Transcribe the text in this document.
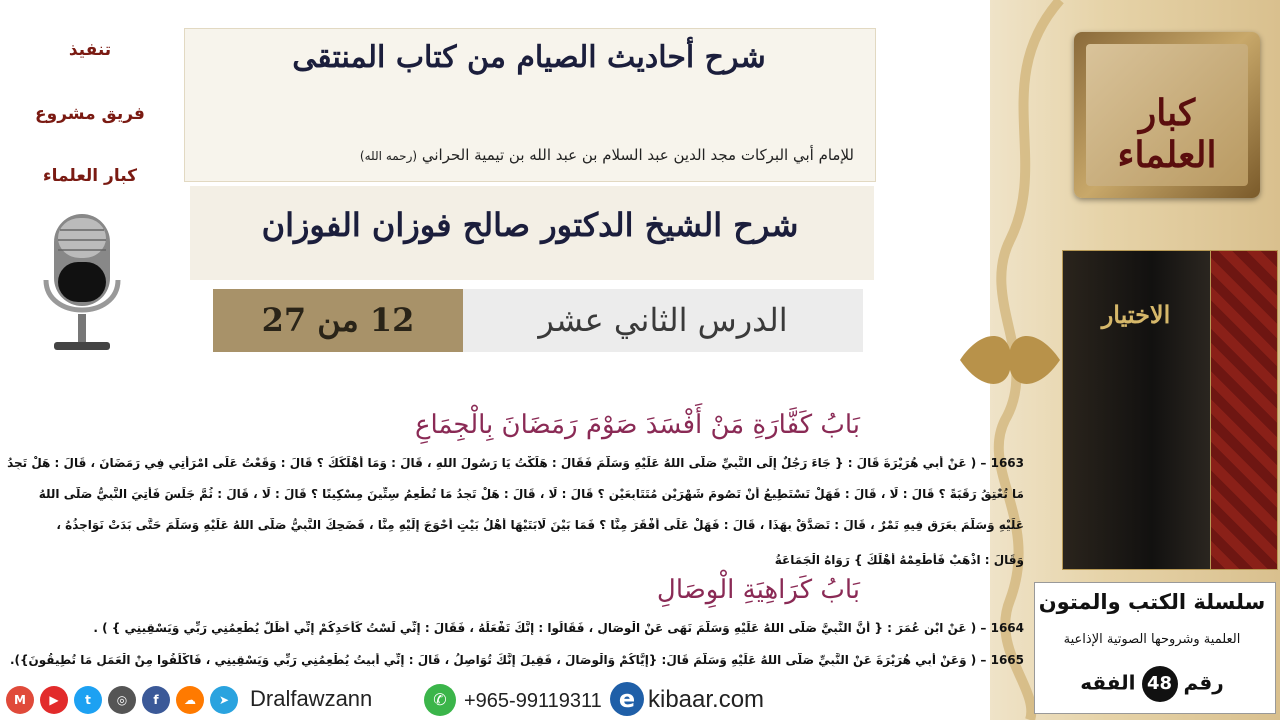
كبار العلماء
الاختيار
سلسلة الكتب والمتون
العلمية وشروحها الصوتية الإذاعية
رقم48الفقه
تنفيذ
فريق مشروع
كبار العلماء
شرح أحاديث الصيام من كتاب المنتقى
للإمام أبي البركات مجد الدين عبد السلام بن عبد الله بن تيمية الحراني (رحمه الله)
شرح الشيخ الدكتور صالح فوزان الفوزان
12 من 27	الدرس الثاني عشر
بَابُ كَفَّارَةِ مَنْ أَفْسَدَ صَوْمَ رَمَضَانَ بِالْجِمَاعِ
1663 – ( عَنْ أَبِي هُرَيْرَةَ قَالَ : { جَاءَ رَجُلٌ إِلَى النَّبِيِّ صَلَّى اللهُ عَلَيْهِ وَسَلَّمَ فَقَالَ : هَلَكْتُ يَا رَسُولَ اللهِ ، قَالَ : وَمَا أَهْلَكَكَ ؟ قَالَ : وَقَعْتُ عَلَى امْرَأَتِي فِي رَمَضَانَ ، قَالَ : هَلْ تَجِدُ
مَا تُعْتِقُ رَقَبَةً ؟ قَالَ : لَا ، قَالَ : فَهَلْ تَسْتَطِيعُ أَنْ تَصُومَ شَهْرَيْنِ مُتَتَابِعَيْنِ ؟ قَالَ : لَا ، قَالَ : هَلْ تَجِدُ مَا تُطْعِمُ سِتِّينَ مِسْكِينًا ؟ قَالَ : لَا ، قَالَ : ثُمَّ جَلَسَ فَأُتِيَ النَّبِيُّ صَلَّى اللهُ
عَلَيْهِ وَسَلَّمَ بِعَرَقٍ فِيهِ تَمْرٌ ، قَالَ : تَصَدَّقْ بِهَذَا ، قَالَ : فَهَلْ عَلَى أَفْقَرَ مِنَّا ؟ فَمَا بَيْنَ لَابَتَيْهَا أَهْلُ بَيْتٍ أَحْوَجَ إِلَيْهِ مِنَّا ، فَضَحِكَ النَّبِيُّ صَلَّى اللهُ عَلَيْهِ وَسَلَّمَ حَتَّى بَدَتْ نَوَاجِذُهُ ،
وَقَالَ : اذْهَبْ فَأَطْعِمْهُ أَهْلَكَ } رَوَاهُ الْجَمَاعَةُ
بَابُ كَرَاهِيَةِ الْوِصَالِ
1664 – ( عَنْ ابْنِ عُمَرَ : { أَنَّ النَّبِيَّ صَلَّى اللهُ عَلَيْهِ وَسَلَّمَ نَهَى عَنْ الْوِصَالِ ، فَقَالُوا : إِنَّكَ تَفْعَلُهُ ، فَقَالَ : إِنِّي لَسْتُ كَأَحَدِكُمْ إِنِّي أَظَلُّ يُطْعِمُنِي رَبِّي وَيَسْقِينِي } ) .
1665 – ( وَعَنْ أَبِي هُرَيْرَةَ عَنْ النَّبِيِّ صَلَّى اللهُ عَلَيْهِ وَسَلَّمَ قَالَ: {إِيَّاكُمْ وَالْوِصَالَ ، فَقِيلَ إِنَّكَ تُوَاصِلُ ، قَالَ : إِنِّي أَبِيتُ يُطْعِمُنِي رَبِّي وَيَسْقِينِي ، فَاكْلُفُوا مِنْ الْعَمَلِ مَا تُطِيقُونَ}).
M	▶	t	◎	f	☁	➤ Dralfawzann	✆ +965-99119311 e kibaar.com
